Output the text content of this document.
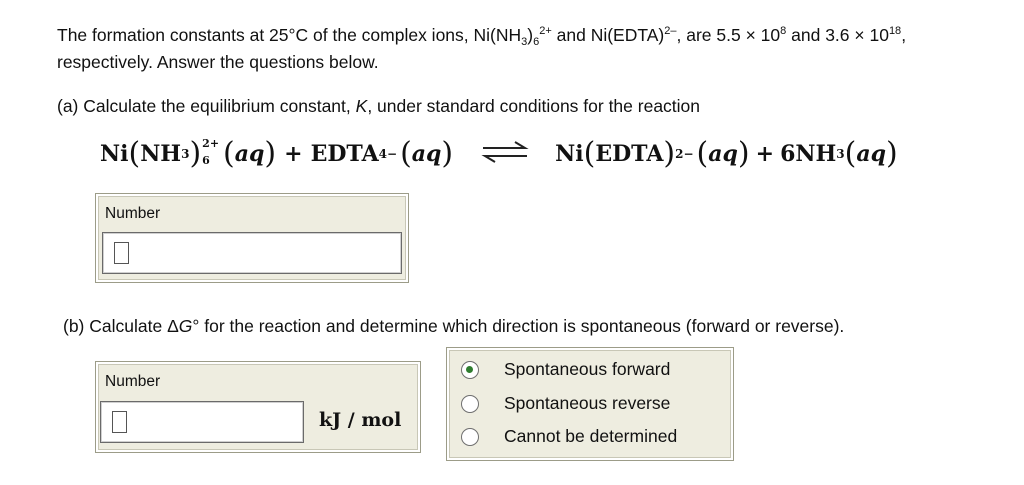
The formation constants at 25°C of the complex ions, $Ni(NH_3)_6^{2+}$ and Ni(EDTA)$^{2-}$, are $5.5 \times 10^8$ and $3.6 \times 10^{18}$, respectively. Answer the questions below.
(a) Calculate the equilibrium constant, K, under standard conditions for the reaction
Ni ( NH 3 ) 2+
6 ( aq ) + EDTA 4− ( aq ) ⇌ Ni ( EDTA ) 2− ( aq ) + 6NH 3 ( aq )
Number
(b) Calculate ΔG° for the reaction and determine which direction is spontaneous (forward or reverse).
Number
kJ / mol
Spontaneous forward
Spontaneous reverse
Cannot be determined
